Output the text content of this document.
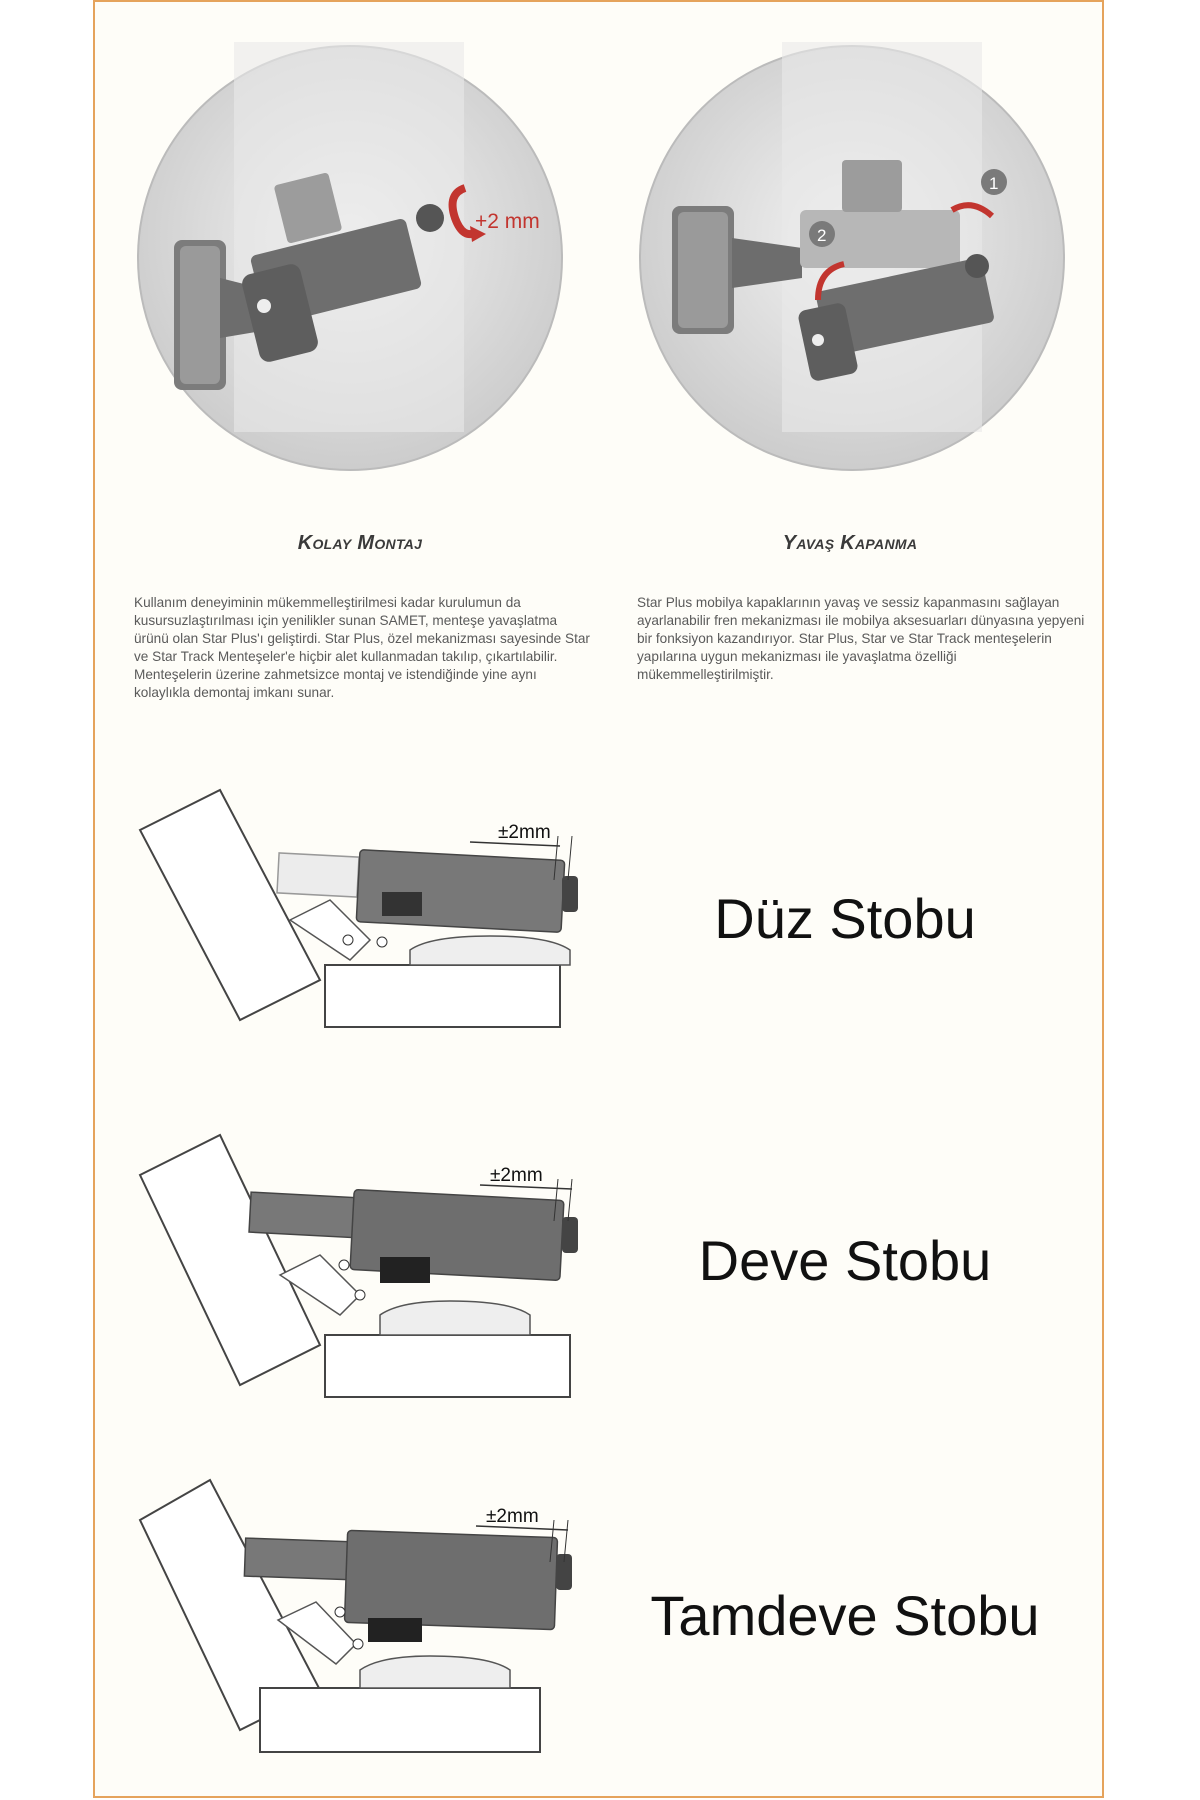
+2 mm
1
2
Kolay Montaj	Yavaş Kapanma
Kullanım deneyiminin mükemmelleştirilmesi kadar kurulumun da kusursuzlaştırılması için yenilikler sunan SAMET, menteşe yavaşlatma ürünü olan Star Plus'ı geliştirdi. Star Plus, özel mekanizması sayesinde Star ve Star Track Menteşeler'e hiçbir alet kullanmadan takılıp, çıkartılabilir. Menteşelerin üzerine zahmetsizce montaj ve istendiğinde yine aynı kolaylıkla demontaj imkanı sunar.
Star Plus mobilya kapaklarının yavaş ve sessiz kapanmasını sağlayan ayarlanabilir fren mekanizması ile mobilya aksesuarları dünyasına yepyeni bir fonksiyon kazandırıyor. Star Plus, Star ve Star Track menteşelerin yapılarına uygun mekanizması ile yavaşlatma özelliği mükemmelleştirilmiştir.
±2mm
Düz Stobu
±2mm
Deve Stobu
±2mm
Tamdeve Stobu
